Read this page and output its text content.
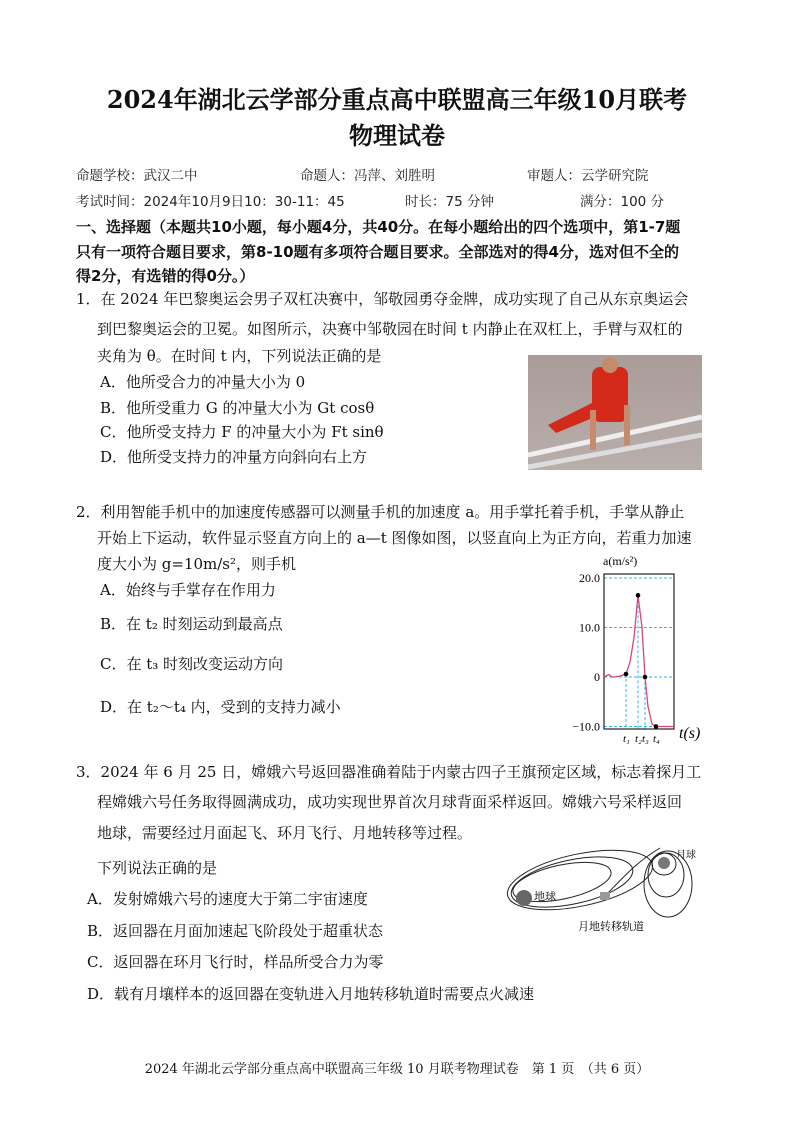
2024年湖北云学部分重点高中联盟高三年级10月联考
物理试卷
命题学校：武汉二中	命题人：冯萍、刘胜明	审题人：云学研究院
考试时间：2024年10月9日10：30-11：45	时长：75 分钟	满分：100 分
一、选择题（本题共10小题，每小题4分，共40分。在每小题给出的四个选项中，第1-7题
只有一项符合题目要求，第8-10题有多项符合题目要求。全部选对的得4分，选对但不全的
得2分，有选错的得0分。）
1．在 2024 年巴黎奥运会男子双杠决赛中，邹敬园勇夺金牌，成功实现了自己从东京奥运会
到巴黎奥运会的卫冕。如图所示，决赛中邹敬园在时间 t 内静止在双杠上，手臂与双杠的
夹角为 θ。在时间 t 内，下列说法正确的是
A．他所受合力的冲量大小为 0
B．他所受重力 G 的冲量大小为 Gt cosθ
C．他所受支持力 F 的冲量大小为 Ft sinθ
D．他所受支持力的冲量方向斜向右上方
2．利用智能手机中的加速度传感器可以测量手机的加速度 a。用手掌托着手机，手掌从静止
开始上下运动，软件显示竖直方向上的 a—t 图像如图，以竖直向上为正方向，若重力加速
度大小为 g=10m/s²，则手机
A．始终与手掌存在作用力
B．在 t₂ 时刻运动到最高点
C．在 t₃ 时刻改变运动方向
D．在 t₂～t₄ 内，受到的支持力减小
a(m/s²)
t(s)
20.0
10.0
0
−10.0
t₁ t₂ t₃ t₄
3．2024 年 6 月 25 日，嫦娥六号返回器准确着陆于内蒙古四子王旗预定区域，标志着探月工
程嫦娥六号任务取得圆满成功，成功实现世界首次月球背面采样返回。嫦娥六号采样返回
地球，需要经过月面起飞、环月飞行、月地转移等过程。
下列说法正确的是
A．发射嫦娥六号的速度大于第二宇宙速度
B．返回器在月面加速起飞阶段处于超重状态
C．返回器在环月飞行时，样品所受合力为零
D．载有月壤样本的返回器在变轨进入月地转移轨道时需要点火减速
地球
月球
月地转移轨道
2024 年湖北云学部分重点高中联盟高三年级 10 月联考物理试卷　第 1 页　（共 6 页）
